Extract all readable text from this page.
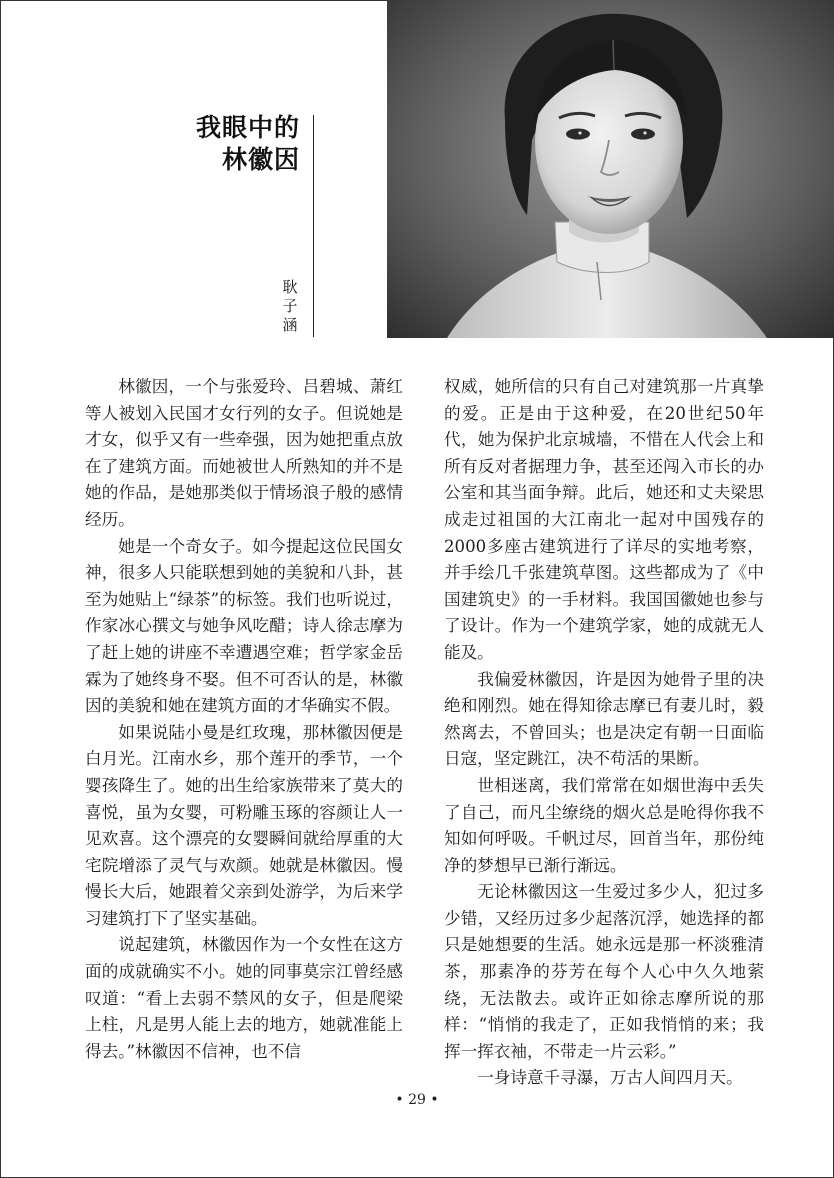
我眼中的
林徽因
耿子涵

林徽因，一个与张爱玲、吕碧城、萧红等人被划入民国才女行列的女子。但说她是才女，似乎又有一些牵强，因为她把重点放在了建筑方面。而她被世人所熟知的并不是她的作品，是她那类似于情场浪子般的感情经历。

她是一个奇女子。如今提起这位民国女神，很多人只能联想到她的美貌和八卦，甚至为她贴上“绿茶”的标签。我们也听说过，作家冰心撰文与她争风吃醋；诗人徐志摩为了赶上她的讲座不幸遭遇空难；哲学家金岳霖为了她终身不娶。但不可否认的是，林徽因的美貌和她在建筑方面的才华确实不假。

如果说陆小曼是红玫瑰，那林徽因便是白月光。江南水乡，那个莲开的季节，一个婴孩降生了。她的出生给家族带来了莫大的喜悦，虽为女婴，可粉雕玉琢的容颜让人一见欢喜。这个漂亮的女婴瞬间就给厚重的大宅院增添了灵气与欢颜。她就是林徽因。慢慢长大后，她跟着父亲到处游学，为后来学习建筑打下了坚实基础。

说起建筑，林徽因作为一个女性在这方面的成就确实不小。她的同事莫宗江曾经感叹道：“看上去弱不禁风的女子，但是爬梁上柱，凡是男人能上去的地方，她就准能上得去。”林徽因不信神，也不信

权威，她所信的只有自己对建筑那一片真挚的爱。正是由于这种爱，在20世纪50年代，她为保护北京城墙，不惜在人代会上和所有反对者据理力争，甚至还闯入市长的办公室和其当面争辩。此后，她还和丈夫梁思成走过祖国的大江南北一起对中国残存的2000多座古建筑进行了详尽的实地考察，并手绘几千张建筑草图。这些都成为了《中国建筑史》的一手材料。我国国徽她也参与了设计。作为一个建筑学家，她的成就无人能及。

我偏爱林徽因，许是因为她骨子里的决绝和刚烈。她在得知徐志摩已有妻儿时，毅然离去，不曾回头；也是决定有朝一日面临日寇，坚定跳江，决不苟活的果断。

世相迷离，我们常常在如烟世海中丢失了自己，而凡尘缭绕的烟火总是呛得你我不知如何呼吸。千帆过尽，回首当年，那份纯净的梦想早已渐行渐远。

无论林徽因这一生爱过多少人，犯过多少错，又经历过多少起落沉浮，她选择的都只是她想要的生活。她永远是那一杯淡雅清茶，那素净的芬芳在每个人心中久久地萦绕，无法散去。或许正如徐志摩所说的那样：“悄悄的我走了，正如我悄悄的来；我挥一挥衣袖，不带走一片云彩。”

一身诗意千寻瀑，万古人间四月天。

• 29 •
